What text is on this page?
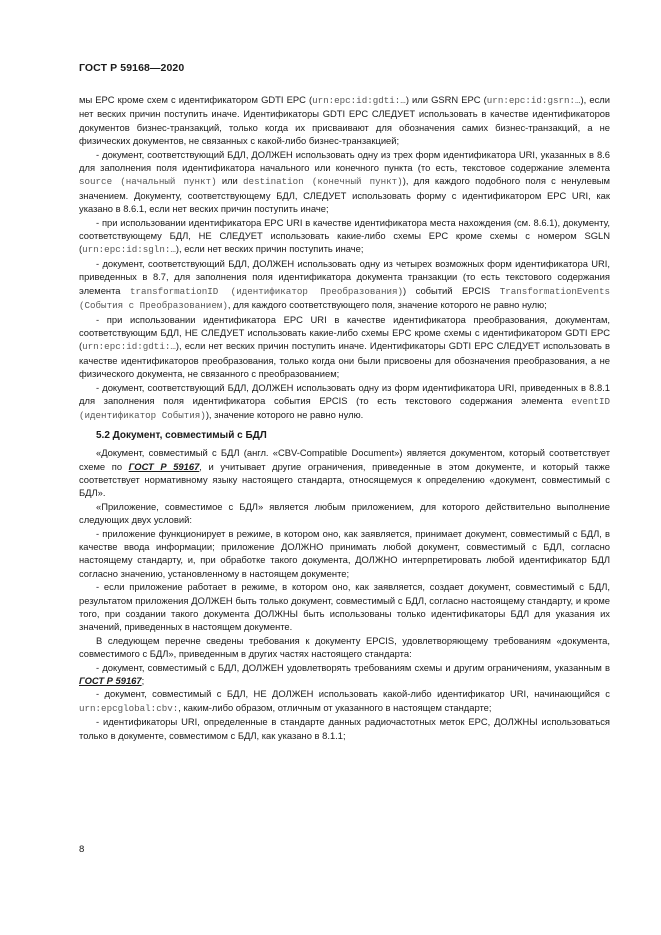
ГОСТ Р 59168—2020

мы EPC кроме схем с идентификатором GDTI EPC (urn:epc:id:gdti:…) или GSRN EPC (urn:epc:id:gsrn:…), если нет веских причин поступить иначе. Идентификаторы GDTI EPC СЛЕДУЕТ использовать в качестве идентификаторов документов бизнес-транзакций, только когда их присваивают для обозначения самих бизнес-транзакций, а не физических документов, не связанных с какой-либо бизнес-транзакцией;

- документ, соответствующий БДЛ, ДОЛЖЕН использовать одну из трех форм идентификатора URI, указанных в 8.6 для заполнения поля идентификатора начального или конечного пункта (то есть, текстовое содержание элемента source (начальный пункт) или destination (конечный пункт)), для каждого подобного поля с ненулевым значением. Документу, соответствующему БДЛ, СЛЕДУЕТ использовать форму с идентификатором EPC URI, как указано в 8.6.1, если нет веских причин поступить иначе;

- при использовании идентификатора EPC URI в качестве идентификатора места нахождения (см. 8.6.1), документу, соответствующему БДЛ, НЕ СЛЕДУЕТ использовать какие-либо схемы EPC кроме схемы с номером SGLN (urn:epc:id:sgln:…), если нет веских причин поступить иначе;

- документ, соответствующий БДЛ, ДОЛЖЕН использовать одну из четырех возможных форм идентификатора URI, приведенных в 8.7, для заполнения поля идентификатора документа транзакции (то есть текстового содержания элемента transformationID (идентификатор Преобразования)) событий EPCIS TransformationEvents (События с Преобразованием), для каждого соответствующего поля, значение которого не равно нулю;

- при использовании идентификатора EPC URI в качестве идентификатора преобразования, документам, соответствующим БДЛ, НЕ СЛЕДУЕТ использовать какие-либо схемы EPC кроме схемы с идентификатором GDTI EPC (urn:epc:id:gdti:…), если нет веских причин поступить иначе. Идентификаторы GDTI EPC СЛЕДУЕТ использовать в качестве идентификаторов преобразования, только когда они были присвоены для обозначения преобразования, а не физического документа, не связанного с преобразованием;

- документ, соответствующий БДЛ, ДОЛЖЕН использовать одну из форм идентификатора URI, приведенных в 8.8.1 для заполнения поля идентификатора события EPCIS (то есть текстового содержания элемента eventID (идентификатор События)), значение которого не равно нулю.

5.2 Документ, совместимый с БДЛ

«Документ, совместимый с БДЛ (англ. «CBV-Compatible Document») является документом, который соответствует схеме по ГОСТ Р 59167, и учитывает другие ограничения, приведенные в этом документе, и который также соответствует нормативному языку настоящего стандарта, относящемуся к определению «документ, совместимый с БДЛ».

«Приложение, совместимое с БДЛ» является любым приложением, для которого действительно выполнение следующих двух условий:

- приложение функционирует в режиме, в котором оно, как заявляется, принимает документ, совместимый с БДЛ, в качестве ввода информации; приложение ДОЛЖНО принимать любой документ, совместимый с БДЛ, согласно настоящему стандарту, и, при обработке такого документа, ДОЛЖНО интерпретировать любой идентификатор БДЛ согласно значению, установленному в настоящем документе;

- если приложение работает в режиме, в котором оно, как заявляется, создает документ, совместимый с БДЛ, результатом приложения ДОЛЖЕН быть только документ, совместимый с БДЛ, согласно настоящему стандарту, и кроме того, при создании такого документа ДОЛЖНЫ быть использованы только идентификаторы БДЛ для указания их значений, приведенных в настоящем документе.

В следующем перечне сведены требования к документу EPCIS, удовлетворяющему требованиям «документа, совместимого с БДЛ», приведенным в других частях настоящего стандарта:

- документ, совместимый с БДЛ, ДОЛЖЕН удовлетворять требованиям схемы и другим ограничениям, указанным в ГОСТ Р 59167;

- документ, совместимый с БДЛ, НЕ ДОЛЖЕН использовать какой-либо идентификатор URI, начинающийся с urn:epcglobal:cbv:, каким-либо образом, отличным от указанного в настоящем стандарте;

- идентификаторы URI, определенные в стандарте данных радиочастотных меток EPC, ДОЛЖНЫ использоваться только в документе, совместимом с БДЛ, как указано в 8.1.1;

8
